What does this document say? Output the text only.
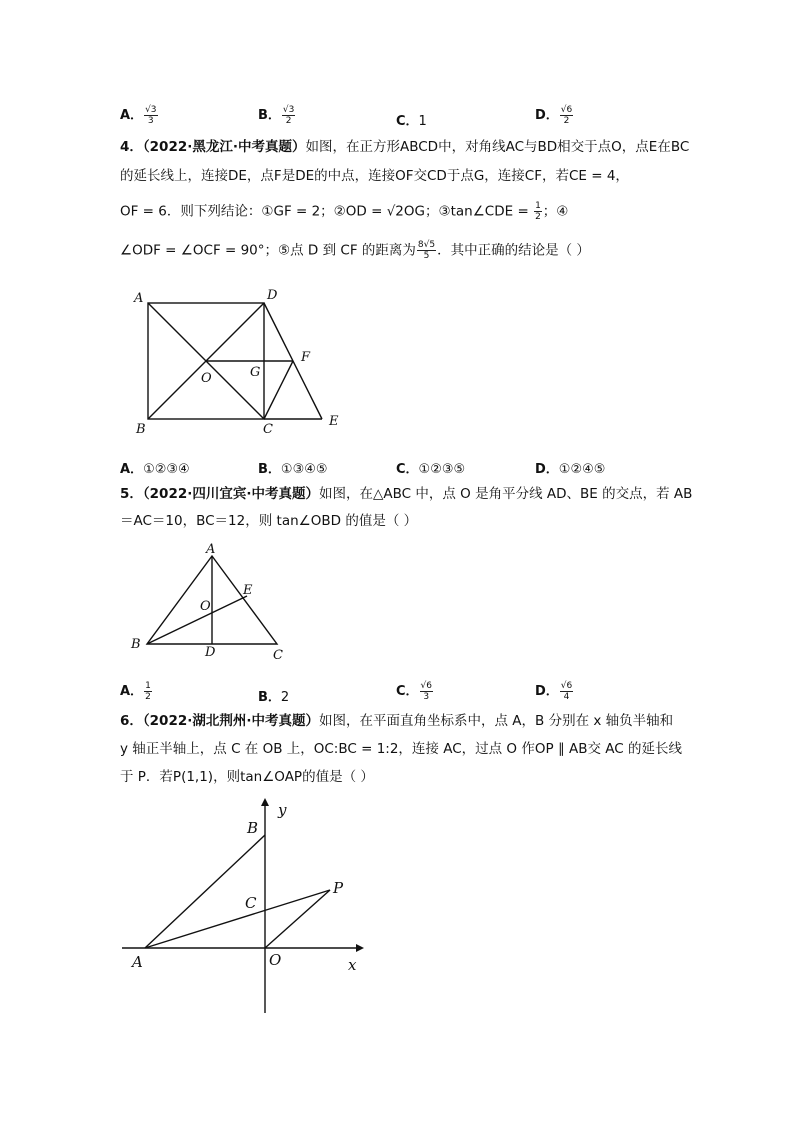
A． $\frac{√3}{3}$	B． $\frac{√3}{2}$	C．1	D． $\frac{√6}{2}$
4．（2022·黑龙江·中考真题）如图，在正方形ABCD中，对角线AC与BD相交于点O，点E在BC
的延长线上，连接DE，点F是DE的中点，连接OF交CD于点G，连接CF，若CE = 4，
OF = 6．则下列结论：①GF = 2；②OD = √2OG；③tan∠CDE = $\frac{1}{2}$ ；④
∠ODF = ∠OCF = 90°；⑤点 D 到 CF 的距离为 $\frac{8√5}{5}$ ．其中正确的结论是（ ）
A	D
B	C
E
F
G
O
A．①②③④	B．①③④⑤	C．①②③⑤	D．①②④⑤
5．（2022·四川宜宾·中考真题）如图，在△ABC 中，点 O 是角平分线 AD、BE 的交点，若 AB
＝AC＝10，BC＝12，则 tan∠OBD 的值是（ ）
A
B
C
D
E
O
A． $\frac{1}{2}$	B．2	C． $\frac{√6}{3}$	D． $\frac{√6}{4}$
6．（2022·湖北荆州·中考真题）如图，在平面直角坐标系中，点 A，B 分别在 x 轴负半轴和
y 轴正半轴上，点 C 在 OB 上，OC:BC = 1:2，连接 AC，过点 O 作OP ∥ AB交 AC 的延长线
于 P．若P(1,1)，则tan∠OAP的值是（ ）
A
B
C
O
P
x
y
